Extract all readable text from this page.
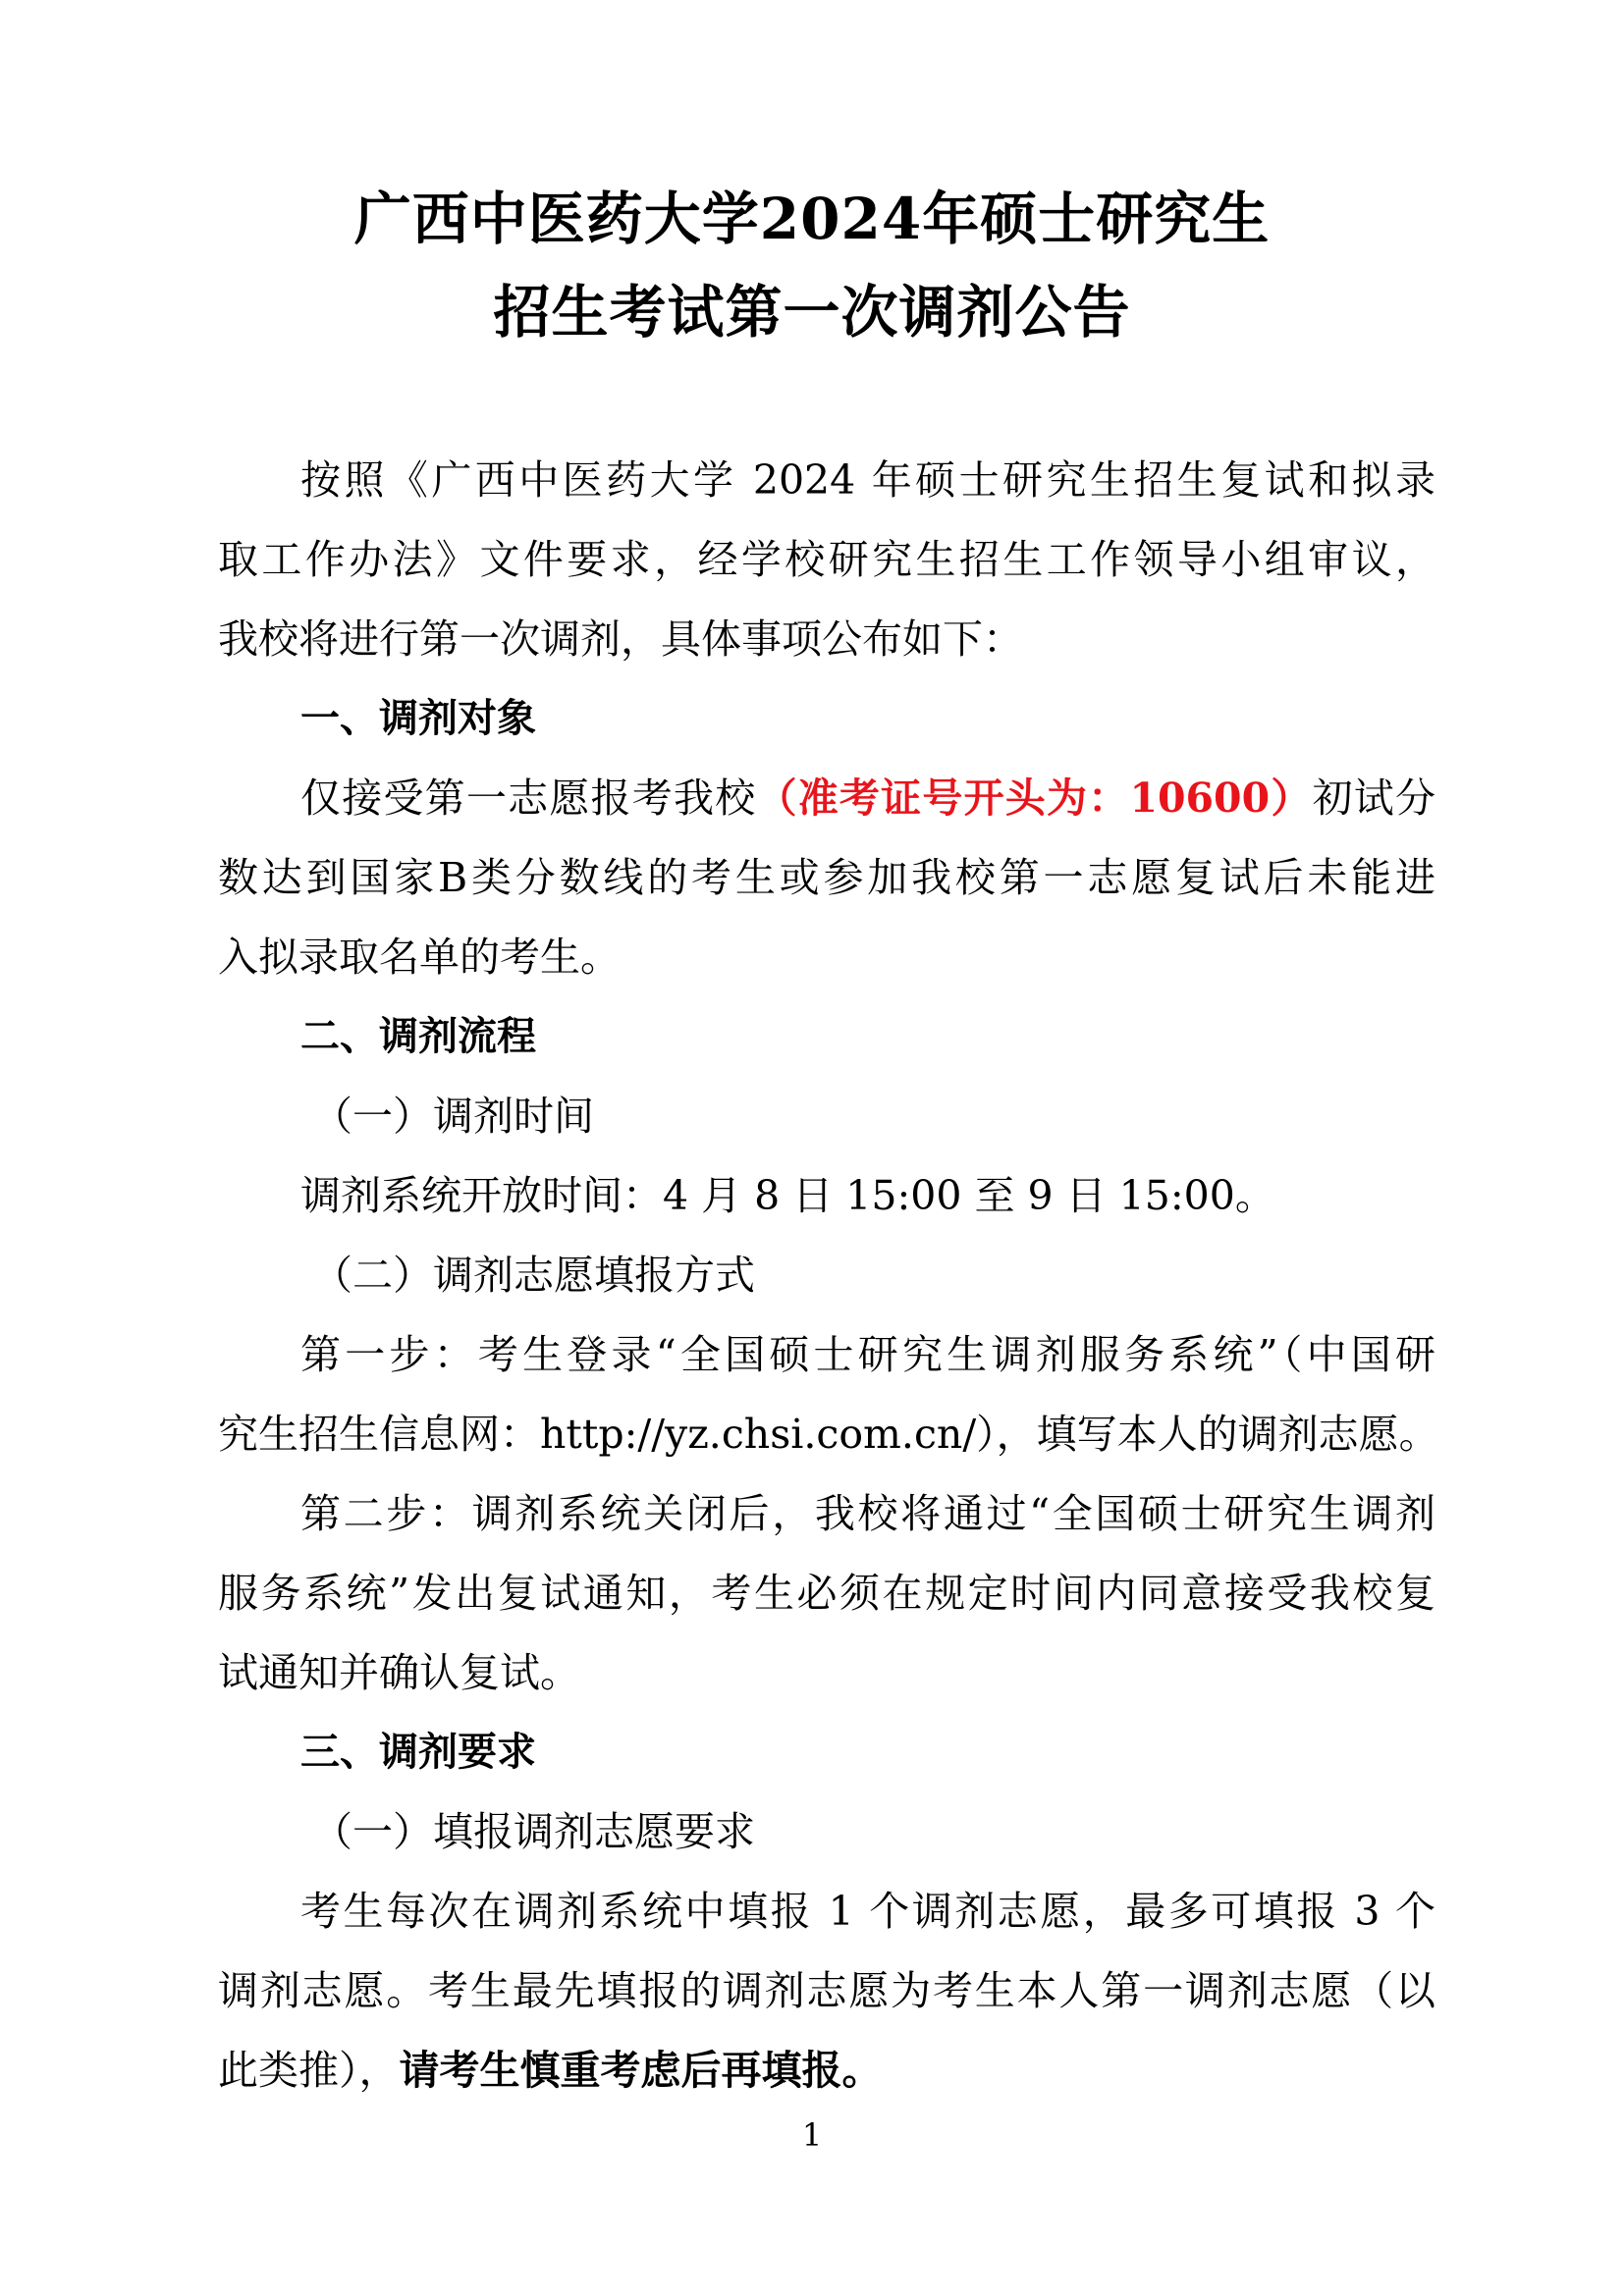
广西中医药大学2024年硕士研究生
招生考试第一次调剂公告
按照《广西中医药大学 2024 年硕士研究生招生复试和拟录
取工作办法》文件要求，经学校研究生招生工作领导小组审议，
我校将进行第一次调剂，具体事项公布如下：
一、调剂对象
仅接受第一志愿报考我校（准考证号开头为：10600）初试分
数达到国家B类分数线的考生或参加我校第一志愿复试后未能进
入拟录取名单的考生。
二、调剂流程
（一）调剂时间
调剂系统开放时间：4 月 8 日 15:00 至 9 日 15:00。
（二）调剂志愿填报方式
第一步：考生登录“全国硕士研究生调剂服务系统”（中国研
究生招生信息网：http://yz.chsi.com.cn/），填写本人的调剂志愿。
第二步：调剂系统关闭后，我校将通过“全国硕士研究生调剂
服务系统”发出复试通知，考生必须在规定时间内同意接受我校复
试通知并确认复试。
三、调剂要求
（一）填报调剂志愿要求
考生每次在调剂系统中填报 1 个调剂志愿，最多可填报 3 个
调剂志愿。考生最先填报的调剂志愿为考生本人第一调剂志愿（以
此类推），请考生慎重考虑后再填报。
1
